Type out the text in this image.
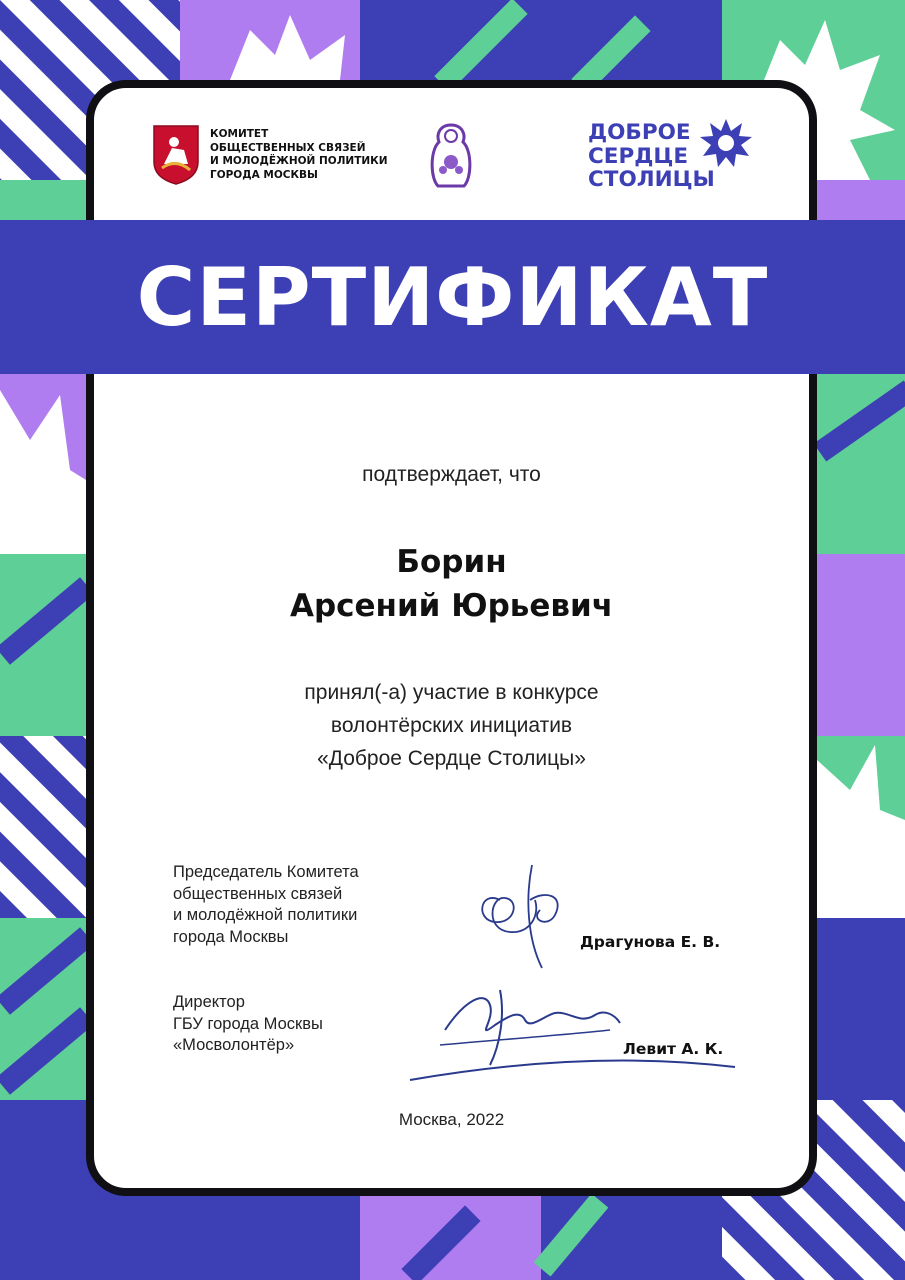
КОМИТЕТ
ОБЩЕСТВЕННЫХ СВЯЗЕЙ
И МОЛОДЁЖНОЙ ПОЛИТИКИ
ГОРОДА МОСКВЫ
ДОБРОЕ
СЕРДЦЕ
СТОЛИЦЫ
СЕРТИФИКАТ
подтверждает, что
Борин
Арсений Юрьевич
принял(-а) участие в конкурсе
волонтёрских инициатив
«Доброе Сердце Столицы»
Председатель Комитета
общественных связей
и молодёжной политики
города Москвы	Драгунова Е. В.
Директор
ГБУ города Москвы
«Мосволонтёр»	Левит А. К.
Москва, 2022
